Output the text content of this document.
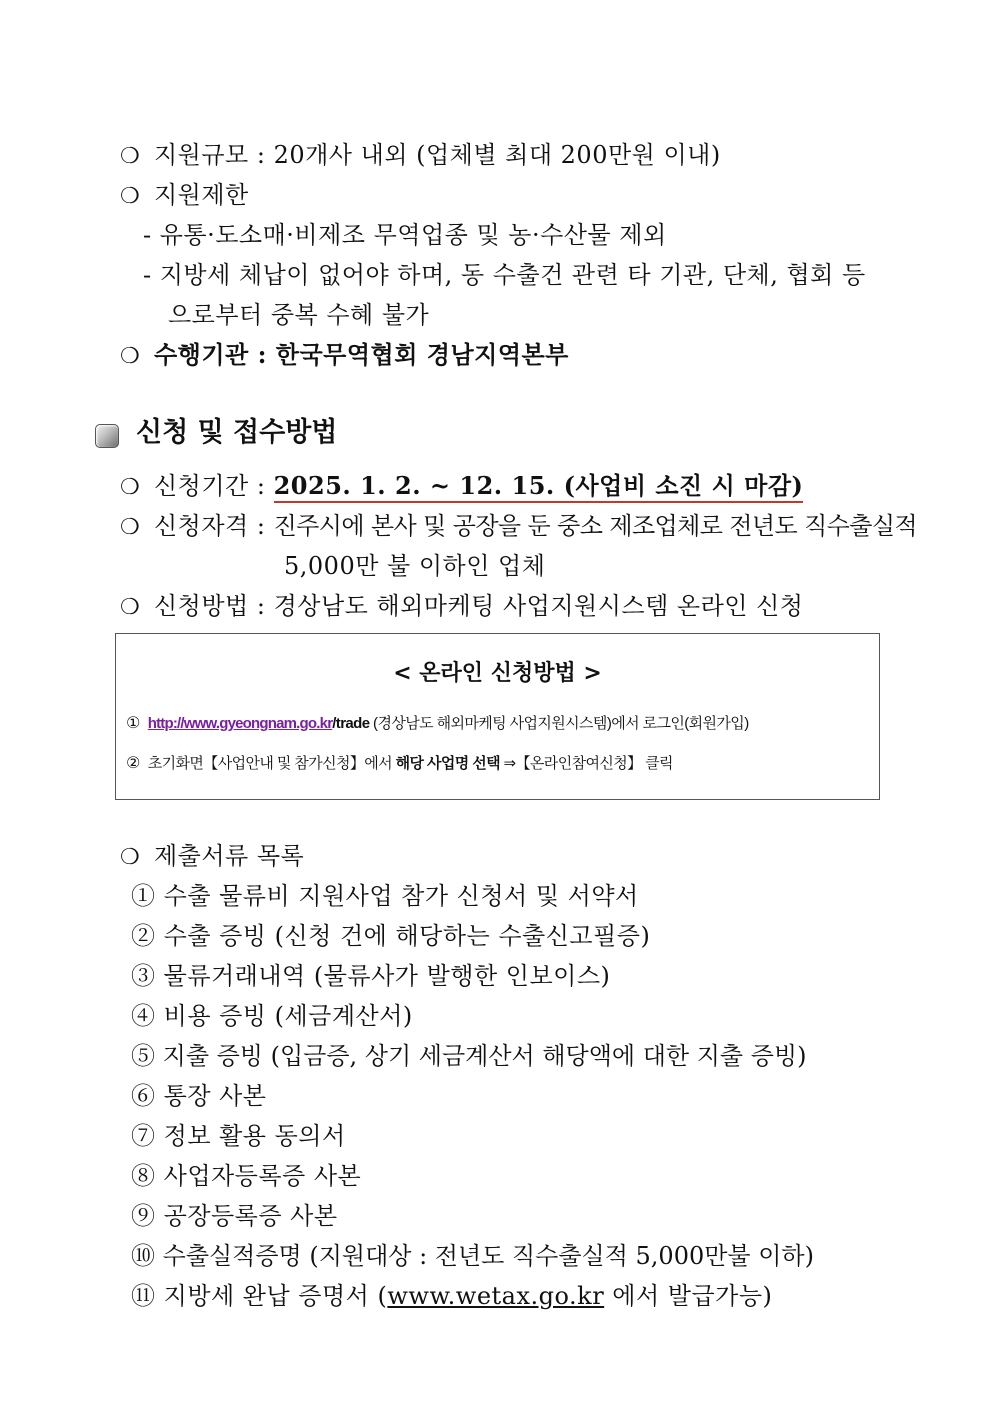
❍ 지원규모 : 20개사 내외 (업체별 최대 200만원 이내)
❍ 지원제한
- 유통·도소매·비제조 무역업종 및 농·수산물 제외
- 지방세 체납이 없어야 하며, 동 수출건 관련 타 기관, 단체, 협회 등
으로부터 중복 수혜 불가
❍ 수행기관 : 한국무역협회 경남지역본부
신청 및 접수방법
❍ 신청기간 : 2025. 1. 2. ~ 12. 15. (사업비 소진 시 마감)
❍ 신청자격 : 진주시에 본사 및 공장을 둔 중소 제조업체로 전년도 직수출실적
5,000만 불 이하인 업체
❍ 신청방법 : 경상남도 해외마케팅 사업지원시스템 온라인 신청
< 온라인 신청방법 >
① http://www.gyeongnam.go.kr/trade (경상남도 해외마케팅 사업지원시스템)에서 로그인(회원가입)
② 초기화면【사업안내 및 참가신청】에서 해당 사업명 선택 ⇒【온라인참여신청】 클릭
❍ 제출서류 목록
① 수출 물류비 지원사업 참가 신청서 및 서약서
② 수출 증빙 (신청 건에 해당하는 수출신고필증)
③ 물류거래내역 (물류사가 발행한 인보이스)
④ 비용 증빙 (세금계산서)
⑤ 지출 증빙 (입금증, 상기 세금계산서 해당액에 대한 지출 증빙)
⑥ 통장 사본
⑦ 정보 활용 동의서
⑧ 사업자등록증 사본
⑨ 공장등록증 사본
⑩ 수출실적증명 (지원대상 : 전년도 직수출실적 5,000만불 이하)
⑪ 지방세 완납 증명서 (www.wetax.go.kr 에서 발급가능)
